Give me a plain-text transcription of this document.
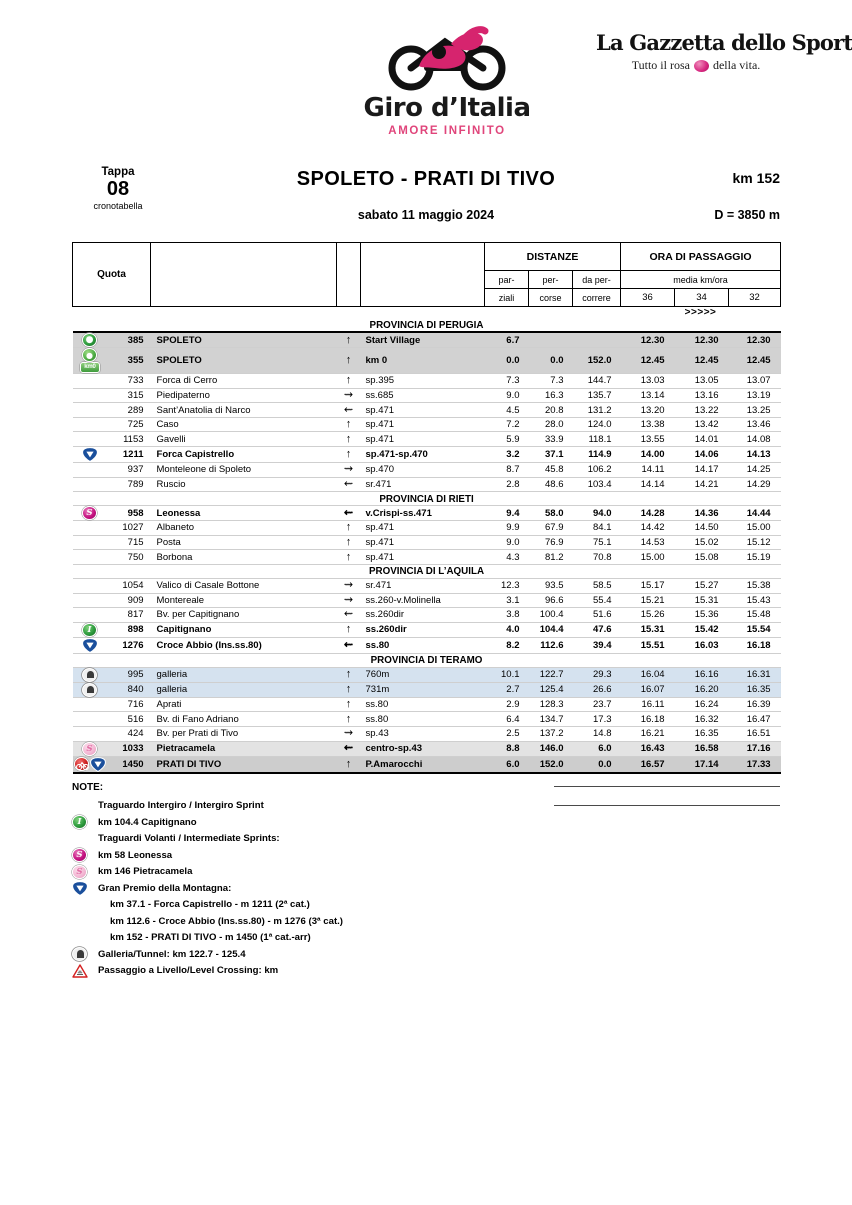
Giro d’Italia
AMORE INFINITO
La Gazzetta dello Sport
Tutto il rosa della vita.
Tappa
08
cronotabella
SPOLETO - PRATI DI TIVO
sabato 11 maggio 2024
km 152
D = 3850 m
Quota					DISTANZE			ORA DI PASSAGGIO		
					par-	per-	da per-	media km/ora		
					ziali	corse	correre	36	34	32
								>>>>>		
PROVINCIA DI PERUGIA										

●	385	SPOLETO	↑	Start Village	6.7			12.30	12.30	12.30

●
km0	355	SPOLETO	↑	km 0	0.0	0.0	152.0	12.45	12.45	12.45
	733	Forca di Cerro	↑	sp.395	7.3	7.3	144.7	13.03	13.05	13.07
	315	Piedipaterno	⇝	ss.685	9.0	16.3	135.7	13.14	13.16	13.19
	289	Sant’Anatolia di Narco	⇜	sp.471	4.5	20.8	131.2	13.20	13.22	13.25
	725	Caso	↑	sp.471	7.2	28.0	124.0	13.38	13.42	13.46
	1153	Gavelli	↑	sp.471	5.9	33.9	118.1	13.55	14.01	14.08

	1211	Forca Capistrello	↑	sp.471-sp.470	3.2	37.1	114.9	14.00	14.06	14.13
	937	Monteleone di Spoleto	⇝	sp.470	8.7	45.8	106.2	14.11	14.17	14.25
	789	Ruscio	⇜	sr.471	2.8	48.6	103.4	14.14	14.21	14.29
PROVINCIA DI RIETI										

S	958	Leonessa	⇜	v.Crispi-ss.471	9.4	58.0	94.0	14.28	14.36	14.44
	1027	Albaneto	↑	sp.471	9.9	67.9	84.1	14.42	14.50	15.00
	715	Posta	↑	sp.471	9.0	76.9	75.1	14.53	15.02	15.12
	750	Borbona	↑	sp.471	4.3	81.2	70.8	15.00	15.08	15.19
PROVINCIA DI L’AQUILA										
	1054	Valico di Casale Bottone	⇝	sr.471	12.3	93.5	58.5	15.17	15.27	15.38
	909	Montereale	⇝	ss.260-v.Molinella	3.1	96.6	55.4	15.21	15.31	15.43
	817	Bv. per Capitignano	⇜	ss.260dir	3.8	100.4	51.6	15.26	15.36	15.48

I	898	Capitignano	↑	ss.260dir	4.0	104.4	47.6	15.31	15.42	15.54

	1276	Croce Abbio (Ins.ss.80)	⇜	ss.80	8.2	112.6	39.4	15.51	16.03	16.18
PROVINCIA DI TERAMO										
	995	galleria	↑	760m	10.1	122.7	29.3	16.04	16.16	16.31
	840	galleria	↑	731m	2.7	125.4	26.6	16.07	16.20	16.35
	716	Aprati	↑	ss.80	2.9	128.3	23.7	16.11	16.24	16.39
	516	Bv. di Fano Adriano	↑	ss.80	6.4	134.7	17.3	16.18	16.32	16.47
	424	Bv. per Prati di Tivo	⇝	sp.43	2.5	137.2	14.8	16.21	16.35	16.51

S	1033	Pietracamela	⇜	centro-sp.43	8.8	146.0	6.0	16.43	16.58	17.16

	1450	PRATI DI TIVO	↑	P.Amarocchi	6.0	152.0	0.0	16.57	17.14	17.33
NOTE:
Traguardo Intergiro / Intergiro Sprint
I	km 104.4 Capitignano
Traguardi Volanti / Intermediate Sprints:
S	km 58 Leonessa
S	km 146 Pietracamela
Gran Premio della Montagna:
km 37.1 - Forca Capistrello - m 1211 (2ª cat.)
km 112.6 - Croce Abbio (Ins.ss.80) - m 1276 (3ª cat.)
km 152 - PRATI DI TIVO - m 1450 (1ª cat.-arr)
Galleria/Tunnel: km 122.7 - 125.4
Passaggio a Livello/Level Crossing: km
